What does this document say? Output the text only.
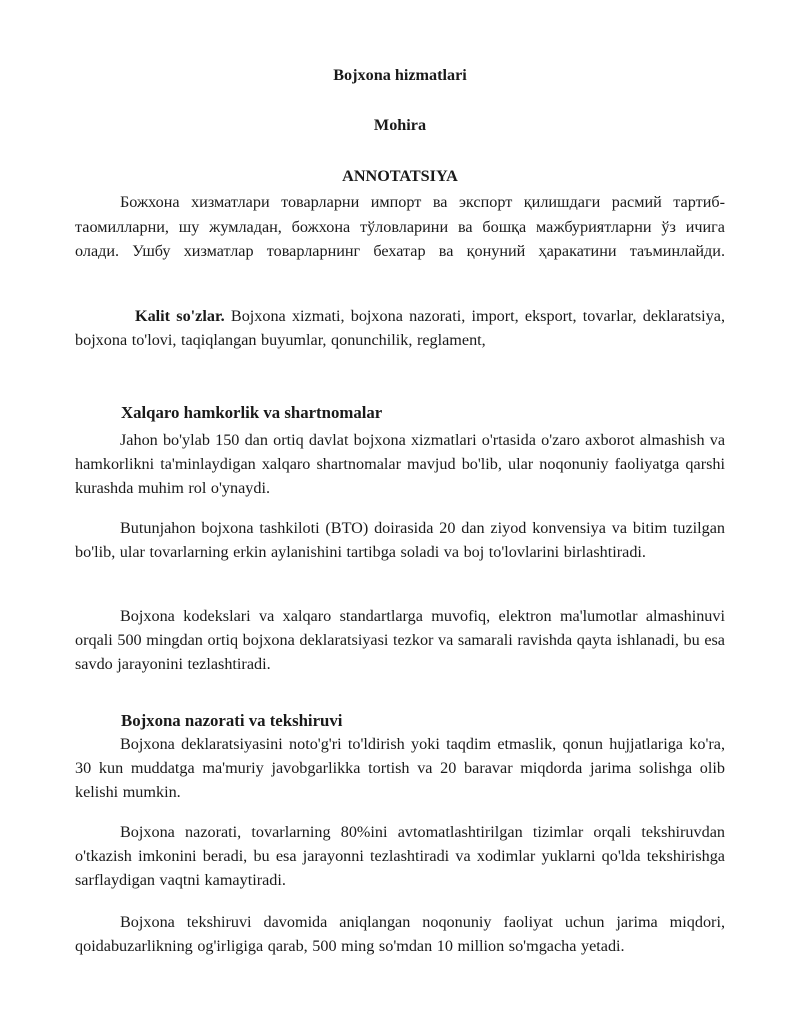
Bojxona hizmatlari
Mohira
ANNOTATSIYA
Божхона хизматлари товарларни импорт ва экспорт қилишдаги расмий тартиб-таомилларни, шу жумладан, божхона тўловларини ва бошқа мажбуриятларни ўз ичига олади. Ушбу хизматлар товарларнинг бехатар ва қонуний ҳаракатини таъминлайди.
Kalit so'zlar. Bojxona xizmati, bojxona nazorati, import, eksport, tovarlar, deklaratsiya, bojxona to'lovi, taqiqlangan buyumlar, qonunchilik, reglament,
Xalqaro hamkorlik va shartnomalar
Jahon bo'ylab 150 dan ortiq davlat bojxona xizmatlari o'rtasida o'zaro axborot almashish va hamkorlikni ta'minlaydigan xalqaro shartnomalar mavjud bo'lib, ular noqonuniy faoliyatga qarshi kurashda muhim rol o'ynaydi.
Butunjahon bojxona tashkiloti (BTO) doirasida 20 dan ziyod konvensiya va bitim tuzilgan bo'lib, ular tovarlarning erkin aylanishini tartibga soladi va boj to'lovlarini birlashtiradi.
Bojxona kodekslari va xalqaro standartlarga muvofiq, elektron ma'lumotlar almashinuvi orqali 500 mingdan ortiq bojxona deklaratsiyasi tezkor va samarali ravishda qayta ishlanadi, bu esa savdo jarayonini tezlashtiradi.
Bojxona nazorati va tekshiruvi
Bojxona deklaratsiyasini noto'g'ri to'ldirish yoki taqdim etmaslik, qonun hujjatlariga ko'ra, 30 kun muddatga ma'muriy javobgarlikka tortish va 20 baravar miqdorda jarima solishga olib kelishi mumkin.
Bojxona nazorati, tovarlarning 80%ini avtomatlashtirilgan tizimlar orqali tekshiruvdan o'tkazish imkonini beradi, bu esa jarayonni tezlashtiradi va xodimlar yuklarni qo'lda tekshirishga sarflaydigan vaqtni kamaytiradi.
Bojxona tekshiruvi davomida aniqlangan noqonuniy faoliyat uchun jarima miqdori, qoidabuzarlikning og'irligiga qarab, 500 ming so'mdan 10 million so'mgacha yetadi.
